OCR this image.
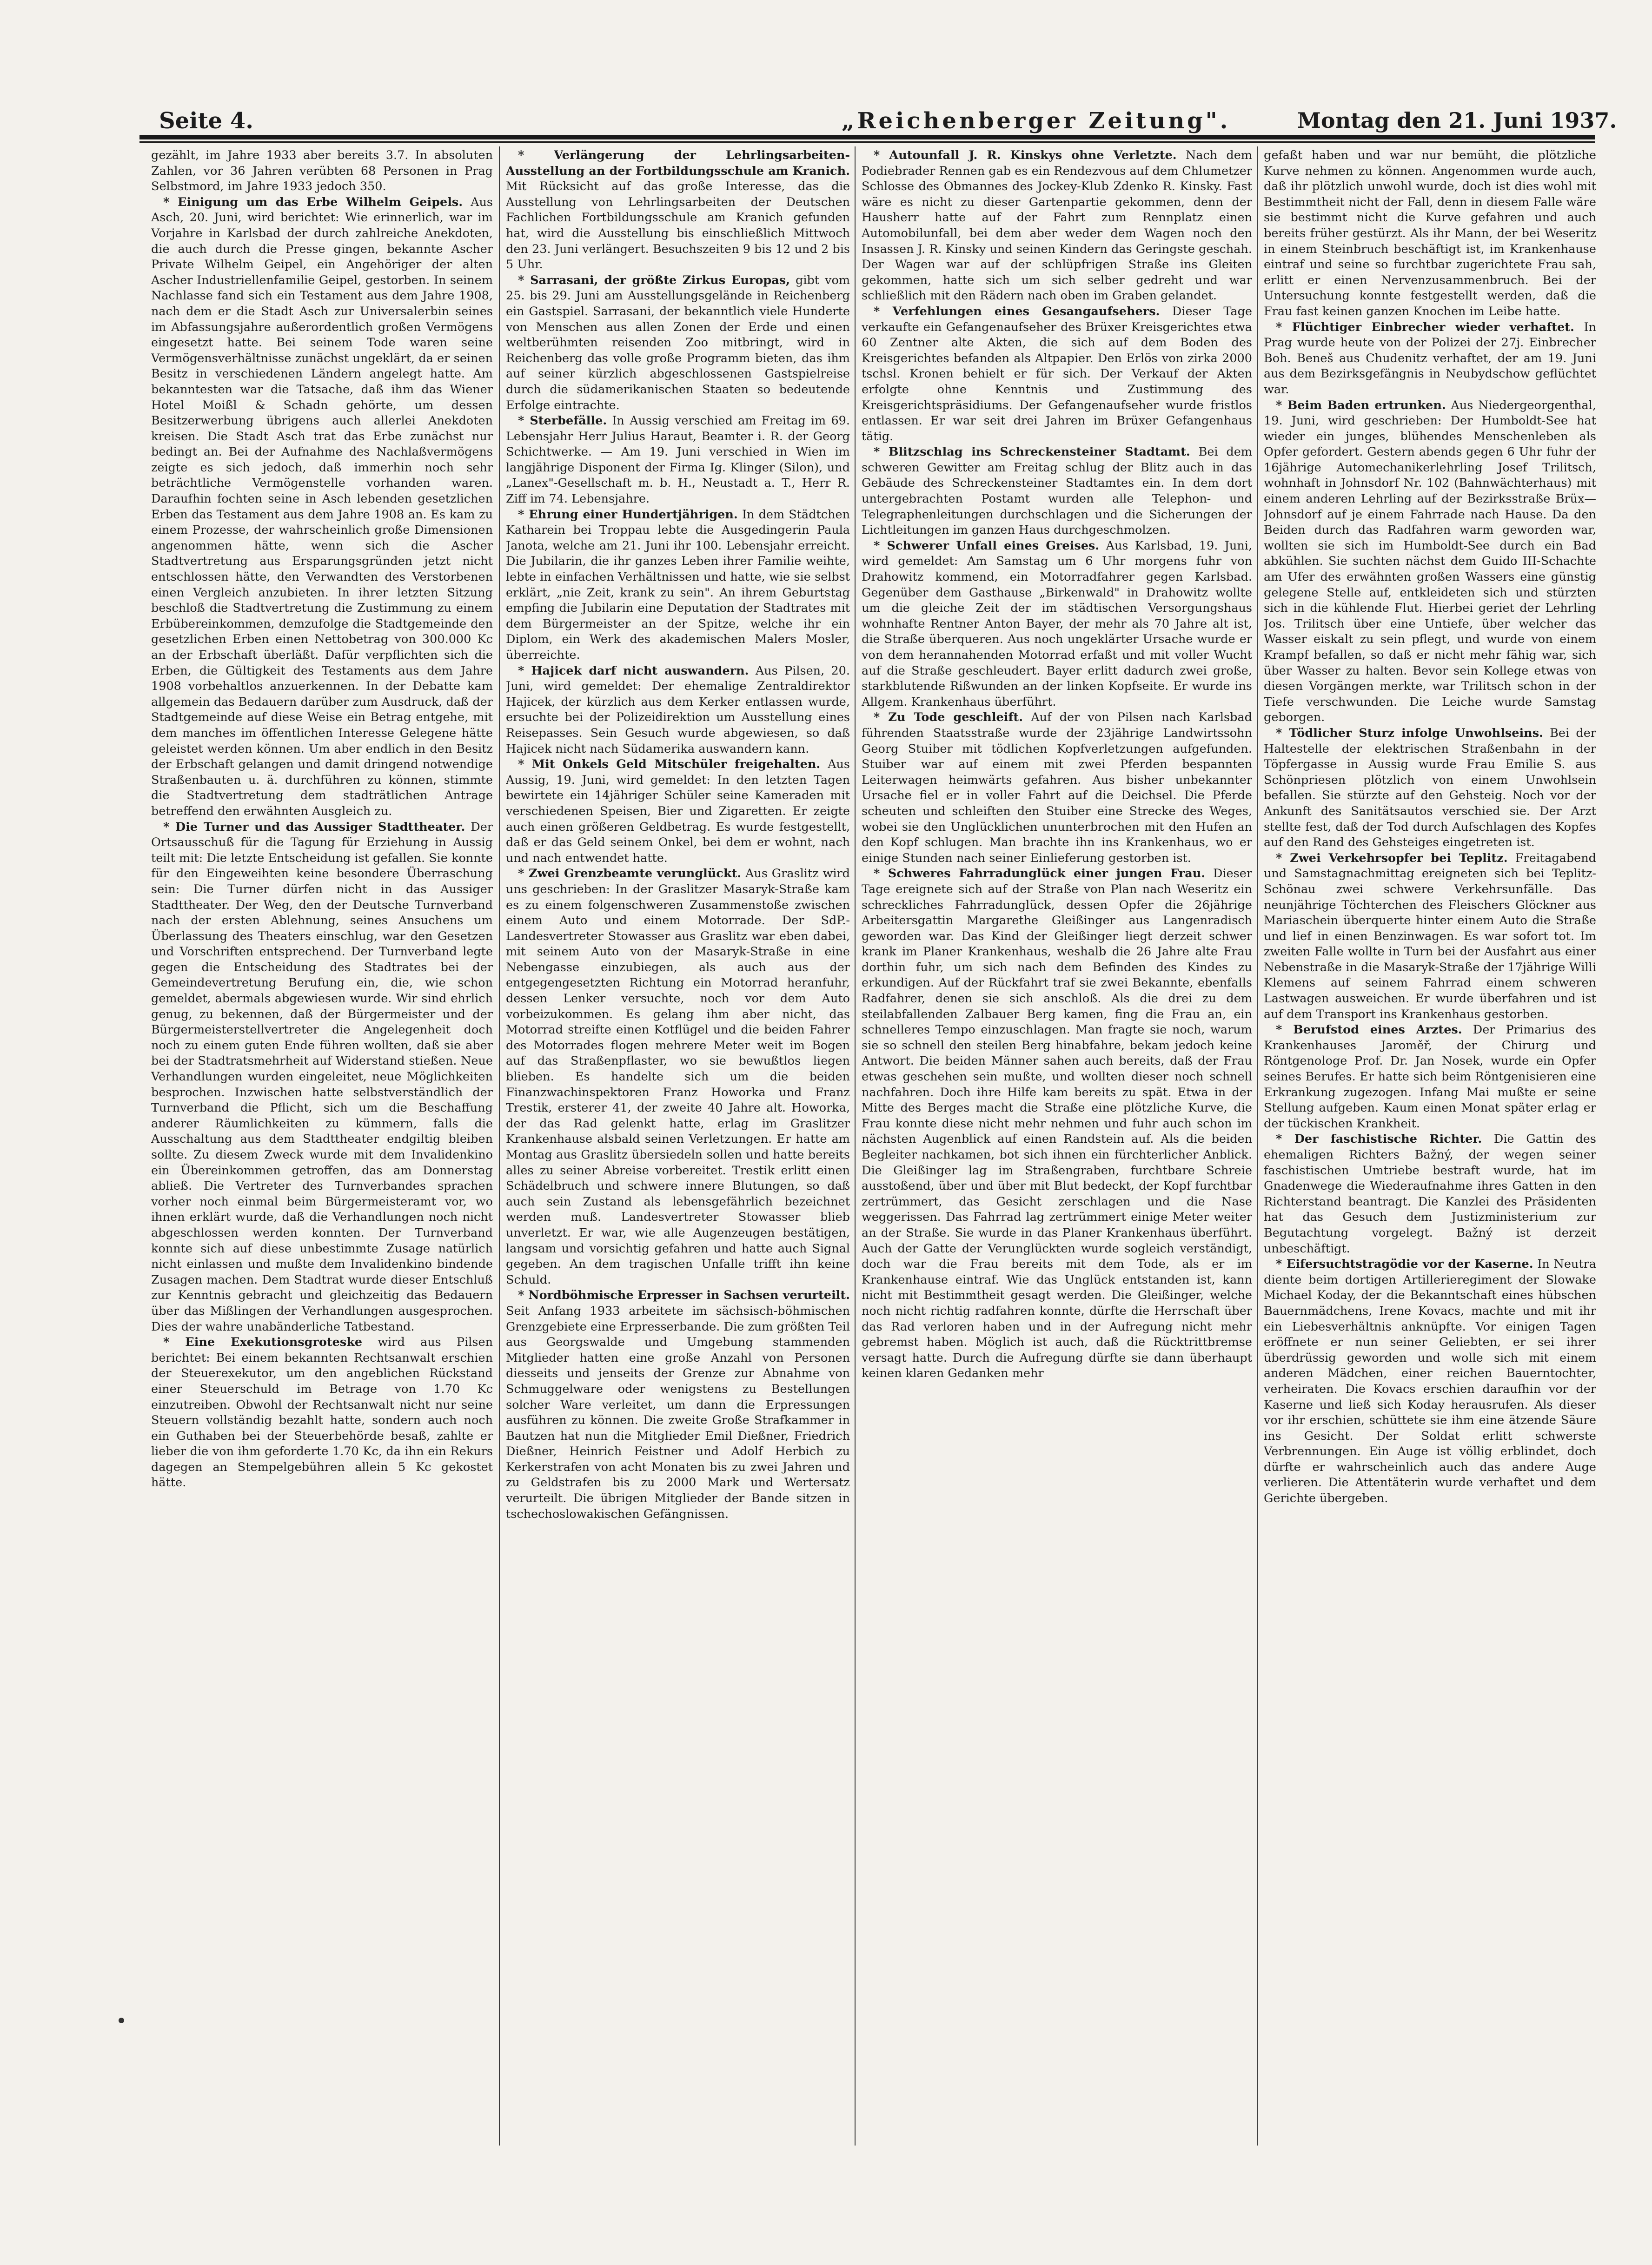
Seite 4.	„Reichenberger Zeitung".	Montag den 21. Juni 1937.

gezählt, im Jahre 1933 aber bereits 3.7. In absoluten Zahlen, vor 36 Jahren verübten 68 Personen in Prag Selbstmord, im Jahre 1933 jedoch 350.

* Einigung um das Erbe Wilhelm Geipels. Aus Asch, 20. Juni, wird berichtet: Wie erinnerlich, war im Vorjahre in Karlsbad der durch zahlreiche Anekdoten, die auch durch die Presse gingen, bekannte Ascher Private Wilhelm Geipel, ein Angehöriger der alten Ascher Industriellenfamilie Geipel, gestorben. In seinem Nachlasse fand sich ein Testament aus dem Jahre 1908, nach dem er die Stadt Asch zur Universalerbin seines im Abfassungsjahre außerordentlich großen Vermögens eingesetzt hatte. Bei seinem Tode waren seine Vermögensverhältnisse zunächst ungeklärt, da er seinen Besitz in verschiedenen Ländern angelegt hatte. Am bekanntesten war die Tatsache, daß ihm das Wiener Hotel Moißl & Schadn gehörte, um dessen Besitzerwerbung übrigens auch allerlei Anekdoten kreisen. Die Stadt Asch trat das Erbe zunächst nur bedingt an. Bei der Aufnahme des Nachlaßvermögens zeigte es sich jedoch, daß immerhin noch sehr beträchtliche Vermögenstelle vorhanden waren. Daraufhin fochten seine in Asch lebenden gesetzlichen Erben das Testament aus dem Jahre 1908 an. Es kam zu einem Prozesse, der wahrscheinlich große Dimensionen angenommen hätte, wenn sich die Ascher Stadtvertretung aus Ersparungsgründen jetzt nicht entschlossen hätte, den Verwandten des Verstorbenen einen Vergleich anzubieten. In ihrer letzten Sitzung beschloß die Stadtvertretung die Zustimmung zu einem Erbübereinkommen, demzufolge die Stadtgemeinde den gesetzlichen Erben einen Nettobetrag von 300.000 Kc an der Erbschaft überläßt. Dafür verpflichten sich die Erben, die Gültigkeit des Testaments aus dem Jahre 1908 vorbehaltlos anzuerkennen. In der Debatte kam allgemein das Bedauern darüber zum Ausdruck, daß der Stadtgemeinde auf diese Weise ein Betrag entgehe, mit dem manches im öffentlichen Interesse Gelegene hätte geleistet werden können. Um aber endlich in den Besitz der Erbschaft gelangen und damit dringend notwendige Straßenbauten u. ä. durchführen zu können, stimmte die Stadtvertretung dem stadträtlichen Antrage betreffend den erwähnten Ausgleich zu.

* Die Turner und das Aussiger Stadttheater. Der Ortsausschuß für die Tagung für Erziehung in Aussig teilt mit: Die letzte Entscheidung ist gefallen. Sie konnte für den Eingeweihten keine besondere Überraschung sein: Die Turner dürfen nicht in das Aussiger Stadttheater. Der Weg, den der Deutsche Turnverband nach der ersten Ablehnung, seines Ansuchens um Überlassung des Theaters einschlug, war den Gesetzen und Vorschriften entsprechend. Der Turnverband legte gegen die Entscheidung des Stadtrates bei der Gemeindevertretung Berufung ein, die, wie schon gemeldet, abermals abgewiesen wurde. Wir sind ehrlich genug, zu bekennen, daß der Bürgermeister und der Bürgermeisterstellvertreter die Angelegenheit doch noch zu einem guten Ende führen wollten, daß sie aber bei der Stadtratsmehrheit auf Widerstand stießen. Neue Verhandlungen wurden eingeleitet, neue Möglichkeiten besprochen. Inzwischen hatte selbstverständlich der Turnverband die Pflicht, sich um die Beschaffung anderer Räumlichkeiten zu kümmern, falls die Ausschaltung aus dem Stadttheater endgiltig bleiben sollte. Zu diesem Zweck wurde mit dem Invalidenkino ein Übereinkommen getroffen, das am Donnerstag abließ. Die Vertreter des Turnverbandes sprachen vorher noch einmal beim Bürgermeisteramt vor, wo ihnen erklärt wurde, daß die Verhandlungen noch nicht abgeschlossen werden konnten. Der Turnverband konnte sich auf diese unbestimmte Zusage natürlich nicht einlassen und mußte dem Invalidenkino bindende Zusagen machen. Dem Stadtrat wurde dieser Entschluß zur Kenntnis gebracht und gleichzeitig das Bedauern über das Mißlingen der Verhandlungen ausgesprochen. Dies der wahre unabänderliche Tatbestand.

* Eine Exekutionsgroteske wird aus Pilsen berichtet: Bei einem bekannten Rechtsanwalt erschien der Steuerexekutor, um den angeblichen Rückstand einer Steuerschuld im Betrage von 1.70 Kc einzutreiben. Obwohl der Rechtsanwalt nicht nur seine Steuern vollständig bezahlt hatte, sondern auch noch ein Guthaben bei der Steuerbehörde besaß, zahlte er lieber die von ihm geforderte 1.70 Kc, da ihn ein Rekurs dagegen an Stempelgebühren allein 5 Kc gekostet hätte.

* Verlängerung der Lehrlingsarbeiten-Ausstellung an der Fortbildungsschule am Kranich. Mit Rücksicht auf das große Interesse, das die Ausstellung von Lehrlingsarbeiten der Deutschen Fachlichen Fortbildungsschule am Kranich gefunden hat, wird die Ausstellung bis einschließlich Mittwoch den 23. Juni verlängert. Besuchszeiten 9 bis 12 und 2 bis 5 Uhr.

* Sarrasani, der größte Zirkus Europas, gibt vom 25. bis 29. Juni am Ausstellungsgelände in Reichenberg ein Gastspiel. Sarrasani, der bekanntlich viele Hunderte von Menschen aus allen Zonen der Erde und einen weltberühmten reisenden Zoo mitbringt, wird in Reichenberg das volle große Programm bieten, das ihm auf seiner kürzlich abgeschlossenen Gastspielreise durch die südamerikanischen Staaten so bedeutende Erfolge eintrachte.

* Sterbefälle. In Aussig verschied am Freitag im 69. Lebensjahr Herr Julius Haraut, Beamter i. R. der Georg Schichtwerke. — Am 19. Juni verschied in Wien im langjährige Disponent der Firma Ig. Klinger (Silon), und „Lanex"-Gesellschaft m. b. H., Neustadt a. T., Herr R. Ziff im 74. Lebensjahre.

* Ehrung einer Hundertjährigen. In dem Städtchen Katharein bei Troppau lebte die Ausgedingerin Paula Janota, welche am 21. Juni ihr 100. Lebensjahr erreicht. Die Jubilarin, die ihr ganzes Leben ihrer Familie weihte, lebte in einfachen Verhältnissen und hatte, wie sie selbst erklärt, „nie Zeit, krank zu sein". An ihrem Geburtstag empfing die Jubilarin eine Deputation der Stadtrates mit dem Bürgermeister an der Spitze, welche ihr ein Diplom, ein Werk des akademischen Malers Mosler, überreichte.

* Hajicek darf nicht auswandern. Aus Pilsen, 20. Juni, wird gemeldet: Der ehemalige Zentraldirektor Hajicek, der kürzlich aus dem Kerker entlassen wurde, ersuchte bei der Polizeidirektion um Ausstellung eines Reisepasses. Sein Gesuch wurde abgewiesen, so daß Hajicek nicht nach Südamerika auswandern kann.

* Mit Onkels Geld Mitschüler freigehalten. Aus Aussig, 19. Juni, wird gemeldet: In den letzten Tagen bewirtete ein 14jähriger Schüler seine Kameraden mit verschiedenen Speisen, Bier und Zigaretten. Er zeigte auch einen größeren Geldbetrag. Es wurde festgestellt, daß er das Geld seinem Onkel, bei dem er wohnt, nach und nach entwendet hatte.

* Zwei Grenzbeamte verunglückt. Aus Graslitz wird uns geschrieben: In der Graslitzer Masaryk-Straße kam es zu einem folgenschweren Zusammenstoße zwischen einem Auto und einem Motorrade. Der SdP.-Landesvertreter Stowasser aus Graslitz war eben dabei, mit seinem Auto von der Masaryk-Straße in eine Nebengasse einzubiegen, als auch aus der entgegengesetzten Richtung ein Motorrad heranfuhr, dessen Lenker versuchte, noch vor dem Auto vorbeizukommen. Es gelang ihm aber nicht, das Motorrad streifte einen Kotflügel und die beiden Fahrer des Motorrades flogen mehrere Meter weit im Bogen auf das Straßenpflaster, wo sie bewußtlos liegen blieben. Es handelte sich um die beiden Finanzwachinspektoren Franz Howorka und Franz Trestik, ersterer 41, der zweite 40 Jahre alt. Howorka, der das Rad gelenkt hatte, erlag im Graslitzer Krankenhause alsbald seinen Verletzungen. Er hatte am Montag aus Graslitz übersiedeln sollen und hatte bereits alles zu seiner Abreise vorbereitet. Trestik erlitt einen Schädelbruch und schwere innere Blutungen, so daß auch sein Zustand als lebensgefährlich bezeichnet werden muß. Landesvertreter Stowasser blieb unverletzt. Er war, wie alle Augenzeugen bestätigen, langsam und vorsichtig gefahren und hatte auch Signal gegeben. An dem tragischen Unfalle trifft ihn keine Schuld.

* Nordböhmische Erpresser in Sachsen verurteilt. Seit Anfang 1933 arbeitete im sächsisch-böhmischen Grenzgebiete eine Erpresserbande. Die zum größten Teil aus Georgswalde und Umgebung stammenden Mitglieder hatten eine große Anzahl von Personen diesseits und jenseits der Grenze zur Abnahme von Schmuggelware oder wenigstens zu Bestellungen solcher Ware verleitet, um dann die Erpressungen ausführen zu können. Die zweite Große Strafkammer in Bautzen hat nun die Mitglieder Emil Dießner, Friedrich Dießner, Heinrich Feistner und Adolf Herbich zu Kerkerstrafen von acht Monaten bis zu zwei Jahren und zu Geldstrafen bis zu 2000 Mark und Wertersatz verurteilt. Die übrigen Mitglieder der Bande sitzen in tschechoslowakischen Gefängnissen.

* Autounfall J. R. Kinskys ohne Verletzte. Nach dem Podiebrader Rennen gab es ein Rendezvous auf dem Chlumetzer Schlosse des Obmannes des Jockey-Klub Zdenko R. Kinsky. Fast wäre es nicht zu dieser Gartenpartie gekommen, denn der Hausherr hatte auf der Fahrt zum Rennplatz einen Automobilunfall, bei dem aber weder dem Wagen noch den Insassen J. R. Kinsky und seinen Kindern das Geringste geschah. Der Wagen war auf der schlüpfrigen Straße ins Gleiten gekommen, hatte sich um sich selber gedreht und war schließlich mit den Rädern nach oben im Graben gelandet.

* Verfehlungen eines Gesangaufsehers. Dieser Tage verkaufte ein Gefangenaufseher des Brüxer Kreisgerichtes etwa 60 Zentner alte Akten, die sich auf dem Boden des Kreisgerichtes befanden als Altpapier. Den Erlös von zirka 2000 tschsl. Kronen behielt er für sich. Der Verkauf der Akten erfolgte ohne Kenntnis und Zustimmung des Kreisgerichtspräsidiums. Der Gefangenaufseher wurde fristlos entlassen. Er war seit drei Jahren im Brüxer Gefangenhaus tätig.

* Blitzschlag ins Schreckensteiner Stadtamt. Bei dem schweren Gewitter am Freitag schlug der Blitz auch in das Gebäude des Schreckensteiner Stadtamtes ein. In dem dort untergebrachten Postamt wurden alle Telephon- und Telegraphenleitungen durchschlagen und die Sicherungen der Lichtleitungen im ganzen Haus durchgeschmolzen.

* Schwerer Unfall eines Greises. Aus Karlsbad, 19. Juni, wird gemeldet: Am Samstag um 6 Uhr morgens fuhr von Drahowitz kommend, ein Motorradfahrer gegen Karlsbad. Gegenüber dem Gasthause „Birkenwald" in Drahowitz wollte um die gleiche Zeit der im städtischen Versorgungshaus wohnhafte Rentner Anton Bayer, der mehr als 70 Jahre alt ist, die Straße überqueren. Aus noch ungeklärter Ursache wurde er von dem herannahenden Motorrad erfaßt und mit voller Wucht auf die Straße geschleudert. Bayer erlitt dadurch zwei große, starkblutende Rißwunden an der linken Kopfseite. Er wurde ins Allgem. Krankenhaus überführt.

* Zu Tode geschleift. Auf der von Pilsen nach Karlsbad führenden Staatsstraße wurde der 23jährige Landwirtssohn Georg Stuiber mit tödlichen Kopfverletzungen aufgefunden. Stuiber war auf einem mit zwei Pferden bespannten Leiterwagen heimwärts gefahren. Aus bisher unbekannter Ursache fiel er in voller Fahrt auf die Deichsel. Die Pferde scheuten und schleiften den Stuiber eine Strecke des Weges, wobei sie den Unglücklichen ununterbrochen mit den Hufen an den Kopf schlugen. Man brachte ihn ins Krankenhaus, wo er einige Stunden nach seiner Einlieferung gestorben ist.

* Schweres Fahrradunglück einer jungen Frau. Dieser Tage ereignete sich auf der Straße von Plan nach Weseritz ein schreckliches Fahrradunglück, dessen Opfer die 26jährige Arbeitersgattin Margarethe Gleißinger aus Langenradisch geworden war. Das Kind der Gleißinger liegt derzeit schwer krank im Planer Krankenhaus, weshalb die 26 Jahre alte Frau dorthin fuhr, um sich nach dem Befinden des Kindes zu erkundigen. Auf der Rückfahrt traf sie zwei Bekannte, ebenfalls Radfahrer, denen sie sich anschloß. Als die drei zu dem steilabfallenden Zalbauer Berg kamen, fing die Frau an, ein schnelleres Tempo einzuschlagen. Man fragte sie noch, warum sie so schnell den steilen Berg hinabfahre, bekam jedoch keine Antwort. Die beiden Männer sahen auch bereits, daß der Frau etwas geschehen sein mußte, und wollten dieser noch schnell nachfahren. Doch ihre Hilfe kam bereits zu spät. Etwa in der Mitte des Berges macht die Straße eine plötzliche Kurve, die Frau konnte diese nicht mehr nehmen und fuhr auch schon im nächsten Augenblick auf einen Randstein auf. Als die beiden Begleiter nachkamen, bot sich ihnen ein fürchterlicher Anblick. Die Gleißinger lag im Straßengraben, furchtbare Schreie ausstoßend, über und über mit Blut bedeckt, der Kopf furchtbar zertrümmert, das Gesicht zerschlagen und die Nase weggerissen. Das Fahrrad lag zertrümmert einige Meter weiter an der Straße. Sie wurde in das Planer Krankenhaus überführt. Auch der Gatte der Verunglückten wurde sogleich verständigt, doch war die Frau bereits mit dem Tode, als er im Krankenhause eintraf. Wie das Unglück entstanden ist, kann nicht mit Bestimmtheit gesagt werden. Die Gleißinger, welche noch nicht richtig radfahren konnte, dürfte die Herrschaft über das Rad verloren haben und in der Aufregung nicht mehr gebremst haben. Möglich ist auch, daß die Rücktrittbremse versagt hatte. Durch die Aufregung dürfte sie dann überhaupt keinen klaren Gedanken mehr

gefaßt haben und war nur bemüht, die plötzliche Kurve nehmen zu können. Angenommen wurde auch, daß ihr plötzlich unwohl wurde, doch ist dies wohl mit Bestimmtheit nicht der Fall, denn in diesem Falle wäre sie bestimmt nicht die Kurve gefahren und auch bereits früher gestürzt. Als ihr Mann, der bei Weseritz in einem Steinbruch beschäftigt ist, im Krankenhause eintraf und seine so furchtbar zugerichtete Frau sah, erlitt er einen Nervenzusammenbruch. Bei der Untersuchung konnte festgestellt werden, daß die Frau fast keinen ganzen Knochen im Leibe hatte.

* Flüchtiger Einbrecher wieder verhaftet. In Prag wurde heute von der Polizei der 27j. Einbrecher Boh. Beneš aus Chudenitz verhaftet, der am 19. Juni aus dem Bezirksgefängnis in Neubydschow geflüchtet war.

* Beim Baden ertrunken. Aus Niedergeorgenthal, 19. Juni, wird geschrieben: Der Humboldt-See hat wieder ein junges, blühendes Menschenleben als Opfer gefordert. Gestern abends gegen 6 Uhr fuhr der 16jährige Automechanikerlehrling Josef Trilitsch, wohnhaft in Johnsdorf Nr. 102 (Bahnwächterhaus) mit einem anderen Lehrling auf der Bezirksstraße Brüx—Johnsdorf auf je einem Fahrrade nach Hause. Da den Beiden durch das Radfahren warm geworden war, wollten sie sich im Humboldt-See durch ein Bad abkühlen. Sie suchten nächst dem Guido III-Schachte am Ufer des erwähnten großen Wassers eine günstig gelegene Stelle auf, entkleideten sich und stürzten sich in die kühlende Flut. Hierbei geriet der Lehrling Jos. Trilitsch über eine Untiefe, über welcher das Wasser eiskalt zu sein pflegt, und wurde von einem Krampf befallen, so daß er nicht mehr fähig war, sich über Wasser zu halten. Bevor sein Kollege etwas von diesen Vorgängen merkte, war Trilitsch schon in der Tiefe verschwunden. Die Leiche wurde Samstag geborgen.

* Tödlicher Sturz infolge Unwohlseins. Bei der Haltestelle der elektrischen Straßenbahn in der Töpfergasse in Aussig wurde Frau Emilie S. aus Schönpriesen plötzlich von einem Unwohlsein befallen. Sie stürzte auf den Gehsteig. Noch vor der Ankunft des Sanitätsautos verschied sie. Der Arzt stellte fest, daß der Tod durch Aufschlagen des Kopfes auf den Rand des Gehsteiges eingetreten ist.

* Zwei Verkehrsopfer bei Teplitz. Freitagabend und Samstagnachmittag ereigneten sich bei Teplitz-Schönau zwei schwere Verkehrsunfälle. Das neunjährige Töchterchen des Fleischers Glöckner aus Mariaschein überquerte hinter einem Auto die Straße und lief in einen Benzinwagen. Es war sofort tot. Im zweiten Falle wollte in Turn bei der Ausfahrt aus einer Nebenstraße in die Masaryk-Straße der 17jährige Willi Klemens auf seinem Fahrrad einem schweren Lastwagen ausweichen. Er wurde überfahren und ist auf dem Transport ins Krankenhaus gestorben.

* Berufstod eines Arztes. Der Primarius des Krankenhauses Jaroměř, der Chirurg und Röntgenologe Prof. Dr. Jan Nosek, wurde ein Opfer seines Berufes. Er hatte sich beim Röntgenisieren eine Erkrankung zugezogen. Infang Mai mußte er seine Stellung aufgeben. Kaum einen Monat später erlag er der tückischen Krankheit.

* Der faschistische Richter. Die Gattin des ehemaligen Richters Bažný, der wegen seiner faschistischen Umtriebe bestraft wurde, hat im Gnadenwege die Wiederaufnahme ihres Gatten in den Richterstand beantragt. Die Kanzlei des Präsidenten hat das Gesuch dem Justizministerium zur Begutachtung vorgelegt. Bažný ist derzeit unbeschäftigt.

* Eifersuchtstragödie vor der Kaserne. In Neutra diente beim dortigen Artillerieregiment der Slowake Michael Koday, der die Bekanntschaft eines hübschen Bauernmädchens, Irene Kovacs, machte und mit ihr ein Liebesverhältnis anknüpfte. Vor einigen Tagen eröffnete er nun seiner Geliebten, er sei ihrer überdrüssig geworden und wolle sich mit einem anderen Mädchen, einer reichen Bauerntochter, verheiraten. Die Kovacs erschien daraufhin vor der Kaserne und ließ sich Koday herausrufen. Als dieser vor ihr erschien, schüttete sie ihm eine ätzende Säure ins Gesicht. Der Soldat erlitt schwerste Verbrennungen. Ein Auge ist völlig erblindet, doch dürfte er wahrscheinlich auch das andere Auge verlieren. Die Attentäterin wurde verhaftet und dem Gerichte übergeben.
